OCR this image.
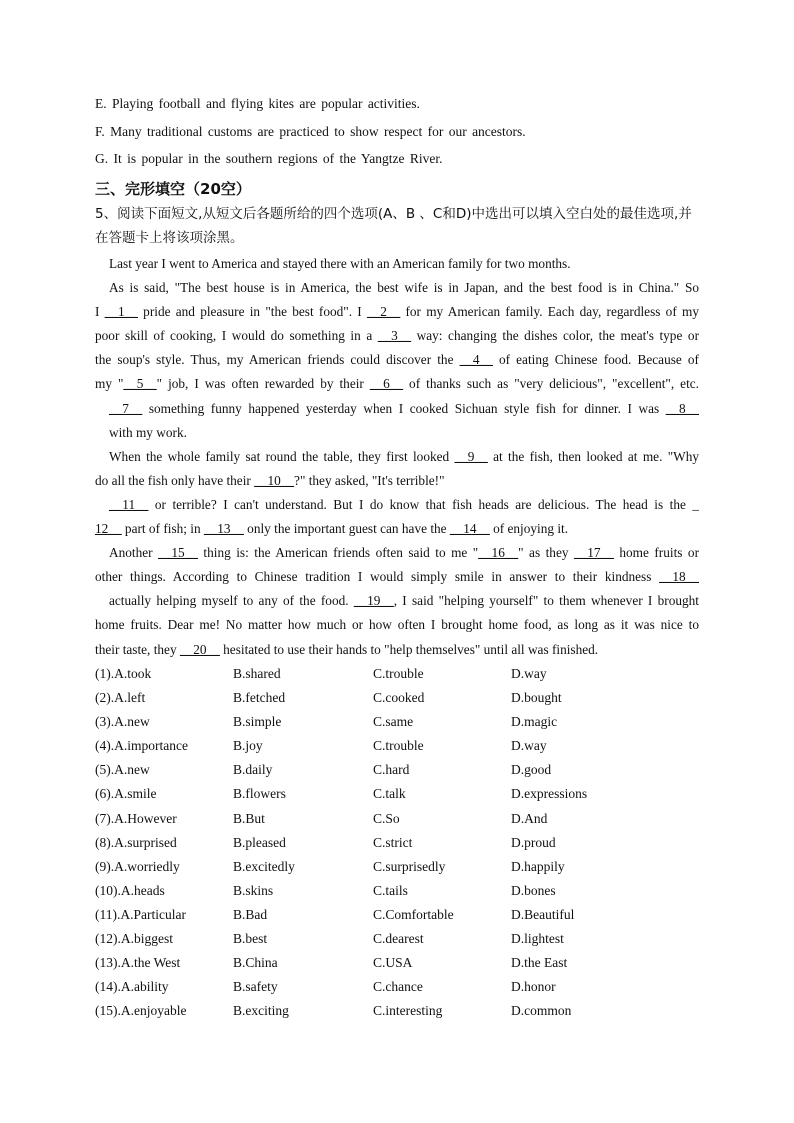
E. Playing football and flying kites are popular activities.
F. Many traditional customs are practiced to show respect for our ancestors.
G. It is popular in the southern regions of the Yangtze River.
三、完形填空（20空）
5、阅读下面短文,从短文后各题所给的四个选项(A、B 、C和D)中选出可以填入空白处的最佳选项,并在答题卡上将该项涂黑。
Last year I went to America and stayed there with an American family for two months.
As is said, "The best house is in America, the best wife is in Japan, and the best food is in China." So
I __1__ pride and pleasure in "the best food". I __2__ for my American family. Each day, regardless of my
poor skill of cooking, I would do something in a __3__ way: changing the dishes color, the meat's type or
the soup's style. Thus, my American friends could discover the __4__ of eating Chinese food. Because of
my "__5__" job, I was often rewarded by their __6__ of thanks such as "very delicious", "excellent", etc.
__7__ something funny happened yesterday when I cooked Sichuan style fish for dinner. I was __8__
with my work.
When the whole family sat round the table, they first looked __9__ at the fish, then looked at me. "Why
do all the fish only have their __10__?" they asked, "It's terrible!"
__11__ or terrible? I can't understand. But I do know that fish heads are delicious. The head is the _
12__ part of fish; in __13__ only the important guest can have the __14__ of enjoying it.
Another __15__ thing is: the American friends often said to me "__16__" as they __17__ home fruits or
other things. According to Chinese tradition I would simply smile in answer to their kindness __18__
actually helping myself to any of the food. __19__, I said "helping yourself" to them whenever I brought
home fruits. Dear me! No matter how much or how often I brought home food, as long as it was nice to
their taste, they __20__ hesitated to use their hands to "help themselves" until all was finished.
(1).A.took	B.shared	C.trouble	D.way
(2).A.left	B.fetched	C.cooked	D.bought
(3).A.new	B.simple	C.same	D.magic
(4).A.importance	B.joy	C.trouble	D.way
(5).A.new	B.daily	C.hard	D.good
(6).A.smile	B.flowers	C.talk	D.expressions
(7).A.However	B.But	C.So	D.And
(8).A.surprised	B.pleased	C.strict	D.proud
(9).A.worriedly	B.excitedly	C.surprisedly	D.happily
(10).A.heads	B.skins	C.tails	D.bones
(11).A.Particular	B.Bad	C.Comfortable	D.Beautiful
(12).A.biggest	B.best	C.dearest	D.lightest
(13).A.the West	B.China	C.USA	D.the East
(14).A.ability	B.safety	C.chance	D.honor
(15).A.enjoyable	B.exciting	C.interesting	D.common
